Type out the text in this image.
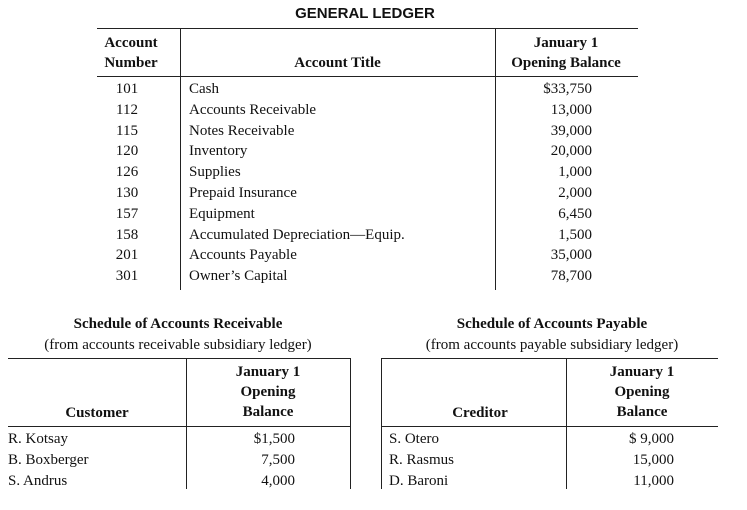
GENERAL LEDGER
Account
Number	Account Title
January 1
Opening Balance
101	Cash	$33,750
112	Accounts Receivable	13,000
115	Notes Receivable	39,000
120	Inventory	20,000
126	Supplies	1,000
130	Prepaid Insurance	2,000
157	Equipment	6,450
158	Accumulated Depreciation—Equip.	1,500
201	Accounts Payable	35,000
301	Owner’s Capital	78,700
Schedule of Accounts Receivable
(from accounts receivable subsidiary ledger)
Customer
January 1
Opening
Balance
R. Kotsay	$1,500
B. Boxberger	7,500
S. Andrus	4,000
Schedule of Accounts Payable
(from accounts payable subsidiary ledger)
Creditor
January 1
Opening
Balance
S. Otero	$ 9,000
R. Rasmus	15,000
D. Baroni	11,000
